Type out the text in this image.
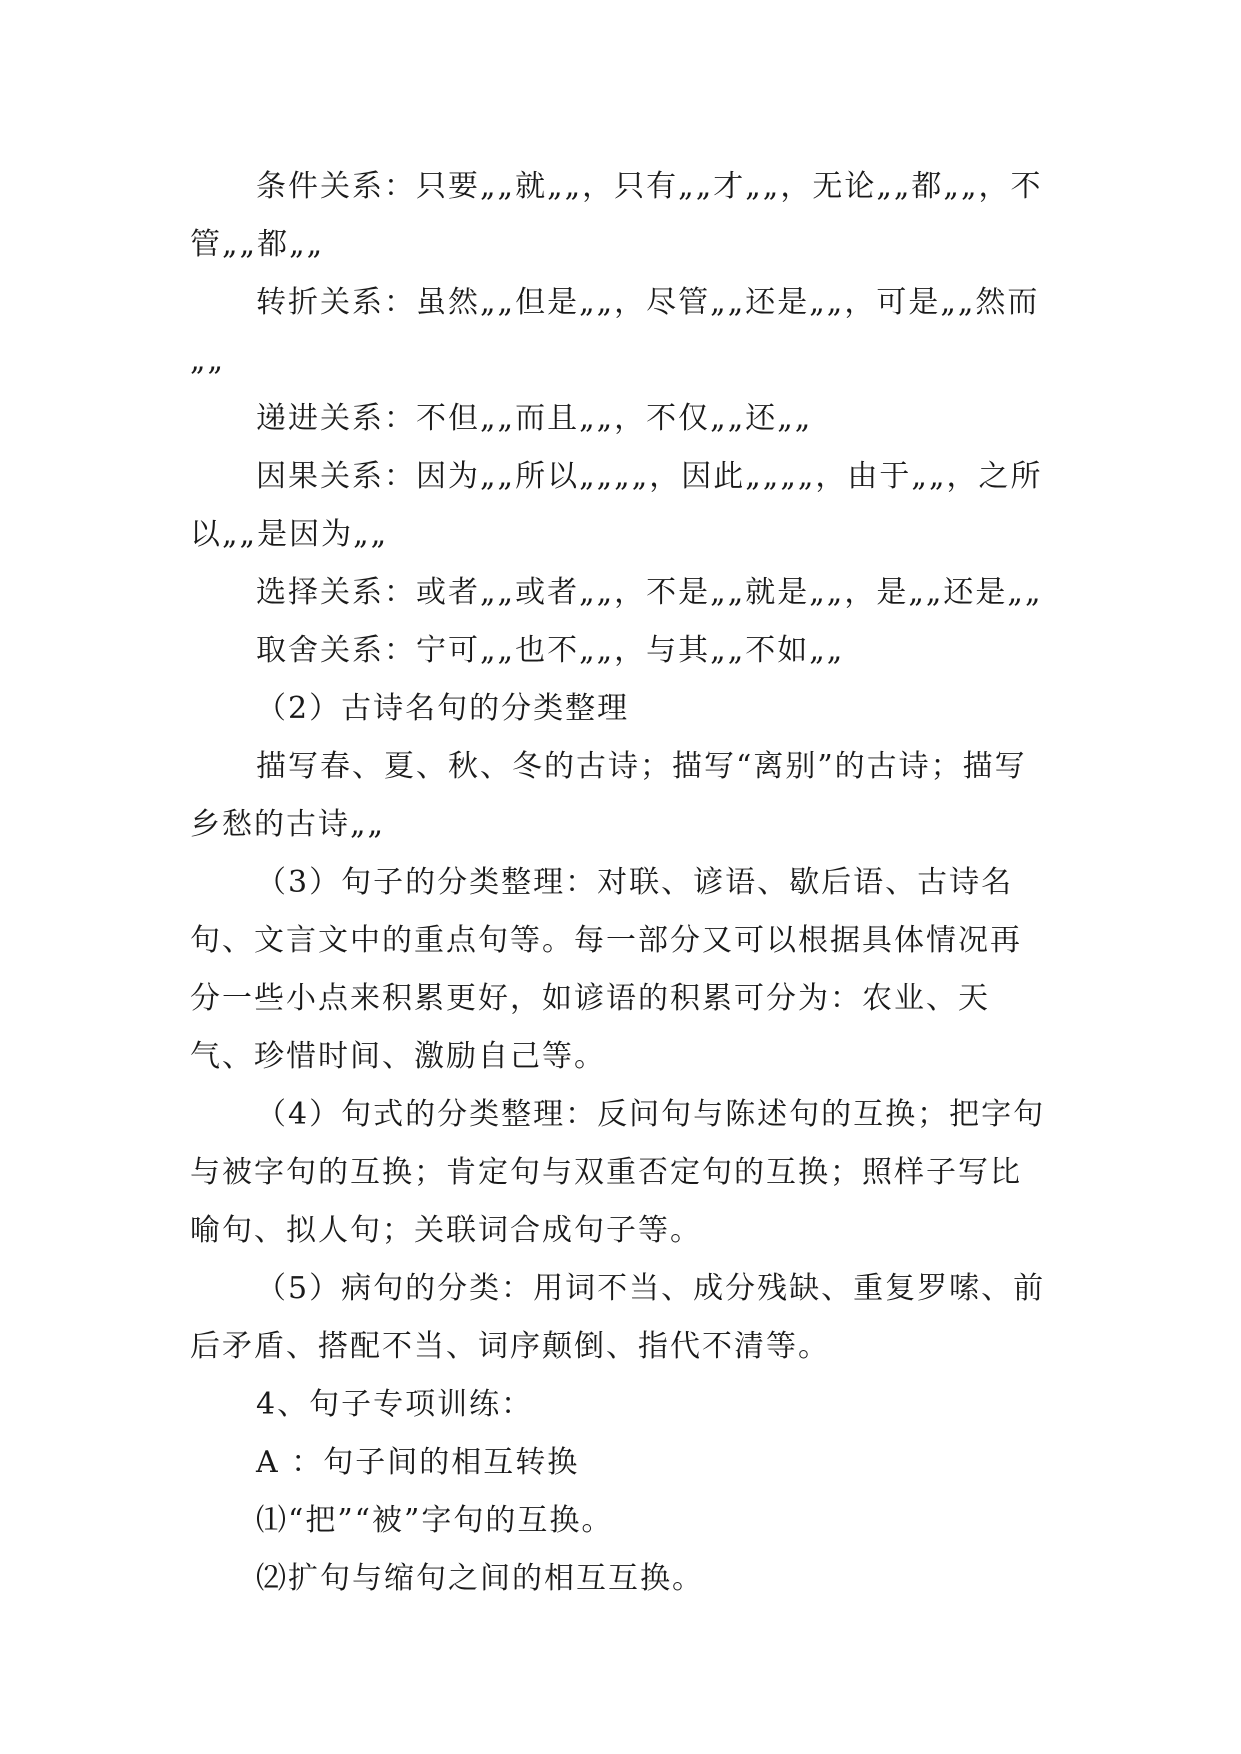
条件关系：只要„„就„„，只有„„才„„，无论„„都„„，不管„„都„„

转折关系：虽然„„但是„„，尽管„„还是„„，可是„„然而„„

递进关系：不但„„而且„„，不仅„„还„„

因果关系：因为„„所以„„„„，因此„„„„，由于„„，之所以„„是因为„„

选择关系：或者„„或者„„，不是„„就是„„，是„„还是„„

取舍关系：宁可„„也不„„，与其„„不如„„

（2）古诗名句的分类整理

描写春、夏、秋、冬的古诗；描写“离别”的古诗；描写乡愁的古诗„„

（3）句子的分类整理：对联、谚语、歇后语、古诗名句、文言文中的重点句等。每一部分又可以根据具体情况再分一些小点来积累更好，如谚语的积累可分为：农业、天气、珍惜时间、激励自己等。

（4）句式的分类整理：反问句与陈述句的互换；把字句与被字句的互换；肯定句与双重否定句的互换；照样子写比喻句、拟人句；关联词合成句子等。

（5）病句的分类：用词不当、成分残缺、重复罗嗦、前后矛盾、搭配不当、词序颠倒、指代不清等。

4、句子专项训练：

A ：句子间的相互转换

⑴“把”“被”字句的互换。

⑵扩句与缩句之间的相互互换。
